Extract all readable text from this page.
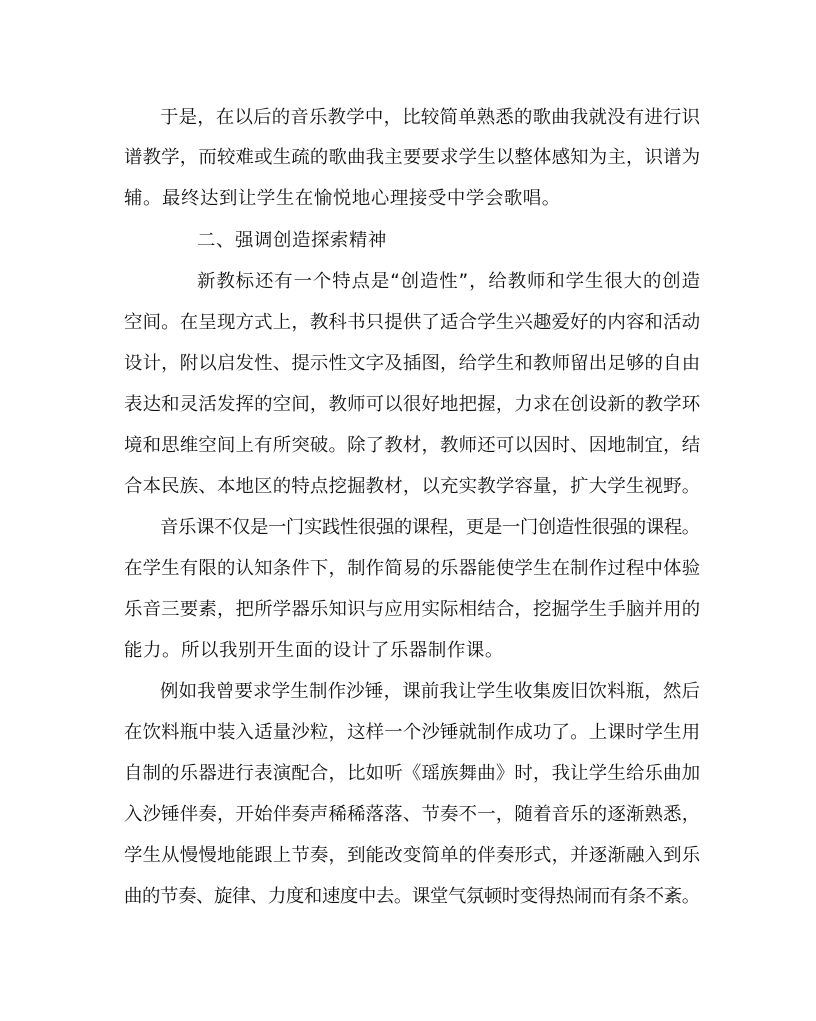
于是，在以后的音乐教学中，比较简单熟悉的歌曲我就没有进行识
谱教学，而较难或生疏的歌曲我主要要求学生以整体感知为主，识谱为
辅。最终达到让学生在愉悦地心理接受中学会歌唱。
二、强调创造探索精神
新教标还有一个特点是“创造性”，给教师和学生很大的创造
空间。在呈现方式上，教科书只提供了适合学生兴趣爱好的内容和活动
设计，附以启发性、提示性文字及插图，给学生和教师留出足够的自由
表达和灵活发挥的空间，教师可以很好地把握，力求在创设新的教学环
境和思维空间上有所突破。除了教材，教师还可以因时、因地制宜，结
合本民族、本地区的特点挖掘教材，以充实教学容量，扩大学生视野。
音乐课不仅是一门实践性很强的课程，更是一门创造性很强的课程。
在学生有限的认知条件下，制作简易的乐器能使学生在制作过程中体验
乐音三要素，把所学器乐知识与应用实际相结合，挖掘学生手脑并用的
能力。所以我别开生面的设计了乐器制作课。
例如我曾要求学生制作沙锤，课前我让学生收集废旧饮料瓶，然后
在饮料瓶中装入适量沙粒，这样一个沙锤就制作成功了。上课时学生用
自制的乐器进行表演配合，比如听《瑶族舞曲》时，我让学生给乐曲加
入沙锤伴奏，开始伴奏声稀稀落落、节奏不一，随着音乐的逐渐熟悉，
学生从慢慢地能跟上节奏，到能改变简单的伴奏形式，并逐渐融入到乐
曲的节奏、旋律、力度和速度中去。课堂气氛顿时变得热闹而有条不紊。
